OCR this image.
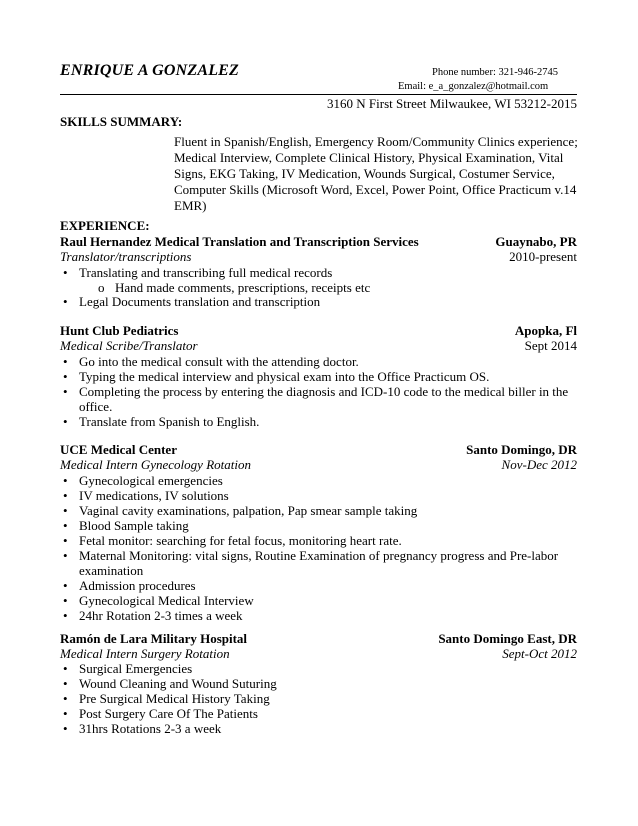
ENRIQUE A GONZALEZ	Phone number: 321-946-2745
Email: e_a_gonzalez@hotmail.com
3160 N First Street Milwaukee, WI 53212-2015
SKILLS SUMMARY:
Fluent in Spanish/English, Emergency Room/Community Clinics experience;
Medical Interview, Complete Clinical History, Physical Examination, Vital
Signs, EKG Taking, IV Medication, Wounds Surgical, Costumer Service,
Computer Skills (Microsoft Word, Excel, Power Point, Office Practicum v.14
EMR)
EXPERIENCE:
Raul Hernandez Medical Translation and Transcription Services	Guaynabo, PR
Translator/transcriptions	2010-present
• Translating and transcribing full medical records
o Hand made comments, prescriptions, receipts etc
• Legal Documents translation and transcription
Hunt Club Pediatrics	Apopka, Fl
Medical Scribe/Translator	Sept 2014
• Go into the medical consult with the attending doctor.
• Typing the medical interview and physical exam into the Office Practicum OS.
• Completing the process by entering the diagnosis and ICD-10 code to the medical biller in the
office.
• Translate from Spanish to English.
UCE Medical Center	Santo Domingo, DR
Medical Intern Gynecology Rotation	Nov-Dec 2012
• Gynecological emergencies
• IV medications, IV solutions
• Vaginal cavity examinations, palpation, Pap smear sample taking
• Blood Sample taking
• Fetal monitor: searching for fetal focus, monitoring heart rate.
• Maternal Monitoring: vital signs, Routine Examination of pregnancy progress and Pre-labor
examination
• Admission procedures
• Gynecological Medical Interview
• 24hr Rotation 2-3 times a week
Ramón de Lara Military Hospital	Santo Domingo East, DR
Medical Intern Surgery Rotation	Sept-Oct 2012
• Surgical Emergencies
• Wound Cleaning and Wound Suturing
• Pre Surgical Medical History Taking
• Post Surgery Care Of The Patients
• 31hrs Rotations 2-3 a week
